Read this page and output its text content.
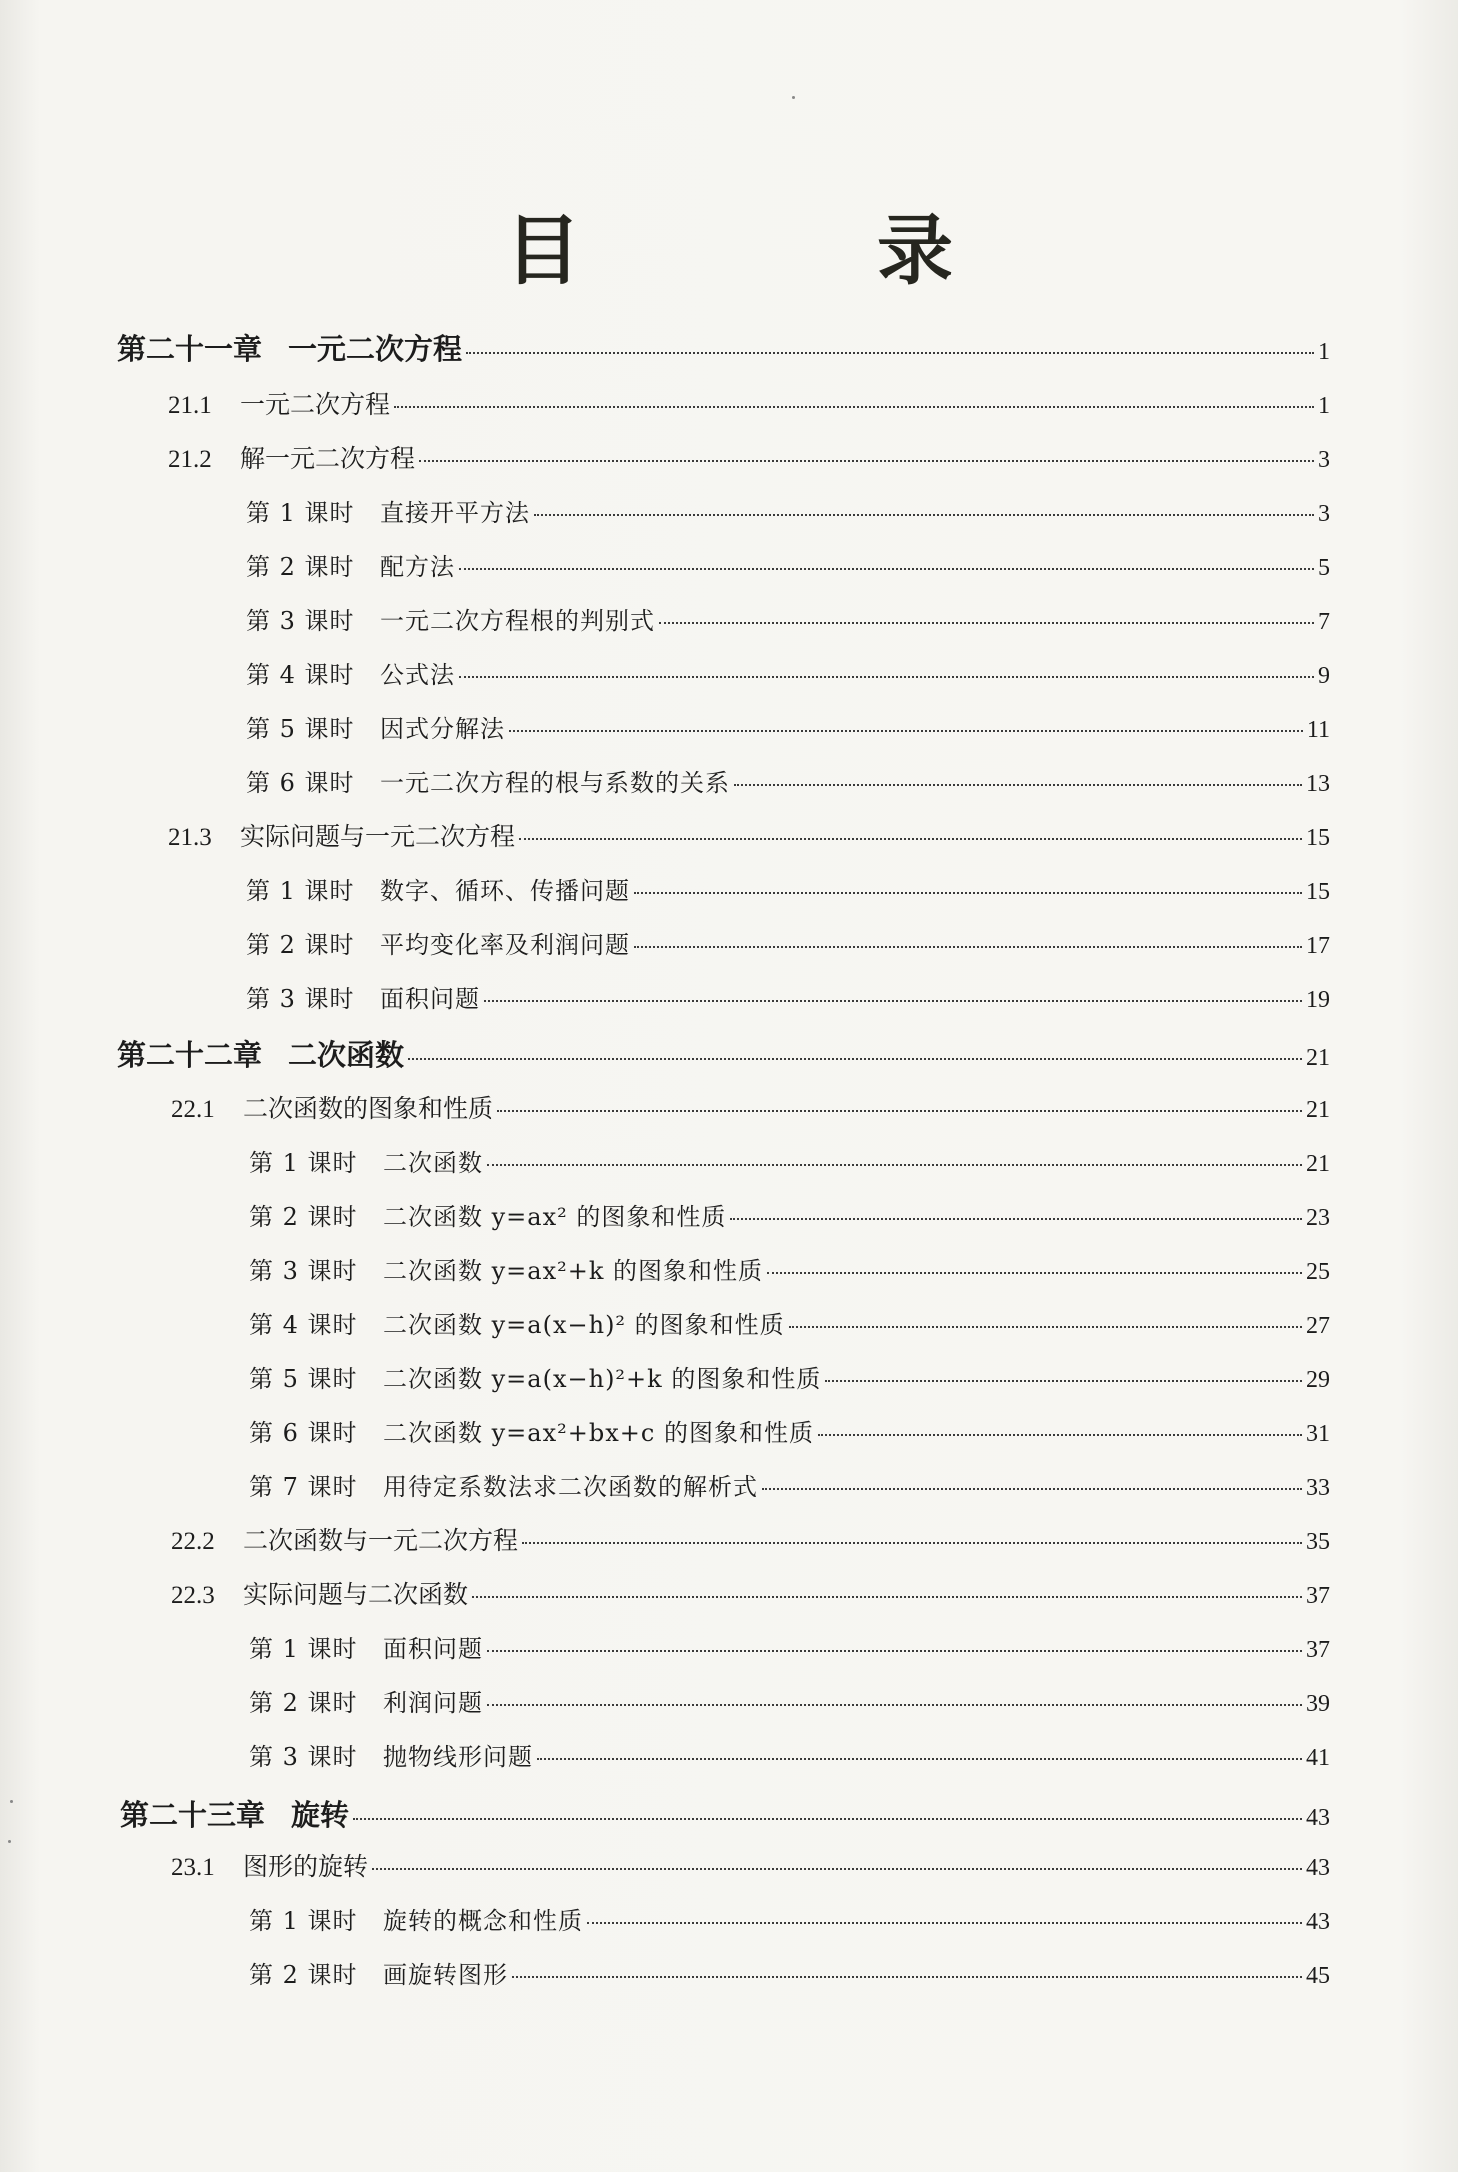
目　录
第二十一章 一元二次方程	1
21.1	一元二次方程	1
21.2	解一元二次方程	3
第 1 课时	直接开平方法	3
第 2 课时	配方法	5
第 3 课时	一元二次方程根的判别式	7
第 4 课时	公式法	9
第 5 课时	因式分解法	11
第 6 课时	一元二次方程的根与系数的关系	13
21.3	实际问题与一元二次方程	15
第 1 课时	数字、循环、传播问题	15
第 2 课时	平均变化率及利润问题	17
第 3 课时	面积问题	19
第二十二章 二次函数	21
22.1	二次函数的图象和性质	21
第 1 课时	二次函数	21
第 2 课时	二次函数 y=ax² 的图象和性质	23
第 3 课时	二次函数 y=ax²+k 的图象和性质	25
第 4 课时	二次函数 y=a(x−h)² 的图象和性质	27
第 5 课时	二次函数 y=a(x−h)²+k 的图象和性质	29
第 6 课时	二次函数 y=ax²+bx+c 的图象和性质	31
第 7 课时	用待定系数法求二次函数的解析式	33
22.2	二次函数与一元二次方程	35
22.3	实际问题与二次函数	37
第 1 课时	面积问题	37
第 2 课时	利润问题	39
第 3 课时	抛物线形问题	41
第二十三章 旋转	43
23.1	图形的旋转	43
第 1 课时	旋转的概念和性质	43
第 2 课时	画旋转图形	45
